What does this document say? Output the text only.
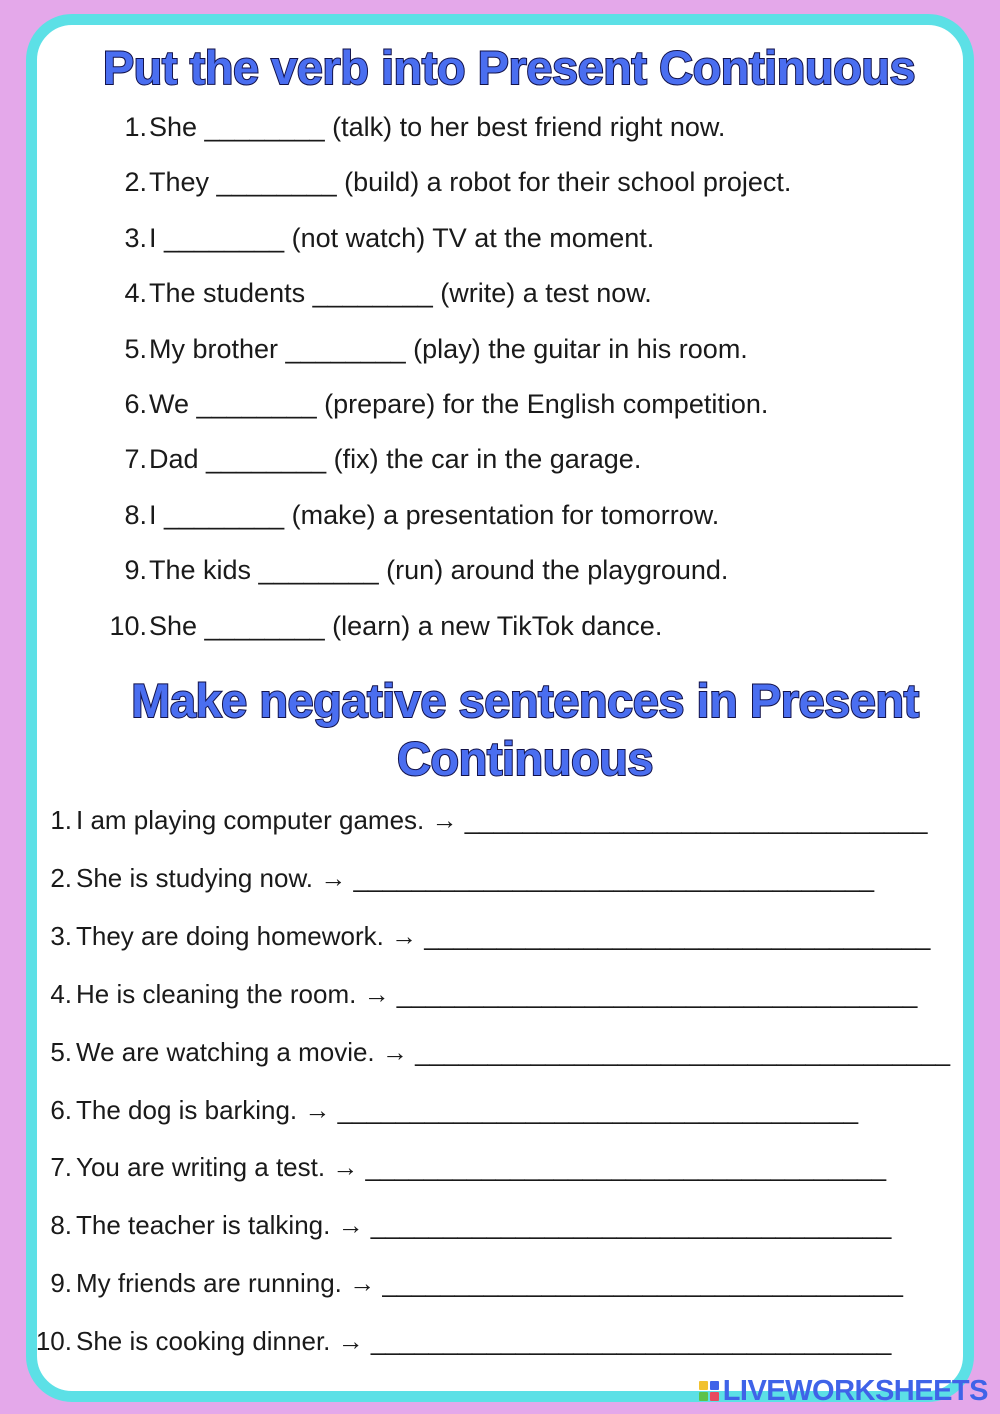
Put the verb into Present Continuous
1. She ________ (talk) to her best friend right now.
2. They ________ (build) a robot for their school project.
3. I ________ (not watch) TV at the moment.
4. The students ________ (write) a test now.
5. My brother ________ (play) the guitar in his room.
6. We ________ (prepare) for the English competition.
7. Dad ________ (fix) the car in the garage.
8. I ________ (make) a presentation for tomorrow.
9. The kids ________ (run) around the playground.
10. She ________ (learn) a new TikTok dance.
Make negative sentences in Present Continuous
1. I am playing computer games. → ________________________________
2. She is studying now. → ____________________________________
3. They are doing homework. → ___________________________________
4. He is cleaning the room. → ____________________________________
5. We are watching a movie. → _____________________________________
6. The dog is barking. → ____________________________________
7. You are writing a test. → ____________________________________
8. The teacher is talking. → ____________________________________
9. My friends are running. → ____________________________________
10. She is cooking dinner. → ____________________________________
LIVEWORKSHEETS
